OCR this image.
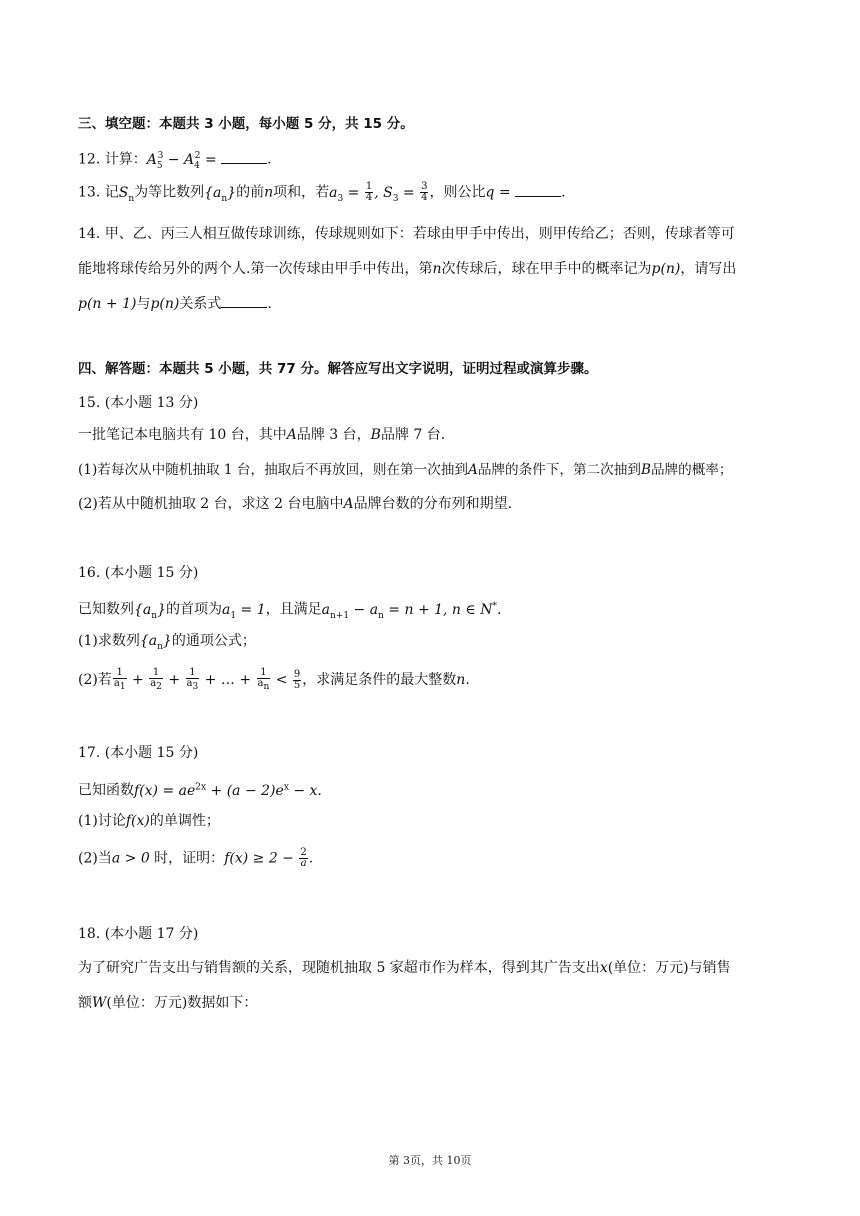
三、填空题：本题共 3 小题，每小题 5 分，共 15 分。
12. 计算：$A_5^3 - A_4^2$ =	.
13. 记$S_n$为等比数列$\{a_n\}$的前n项和，若$a_3 = \frac{1}{4}$ , $S_3 = \frac{3}{4}$ ，则公比q =	.
14. 甲、乙、丙三人相互做传球训练，传球规则如下：若球由甲手中传出，则甲传给乙；否则，传球者等可
能地将球传给另外的两个人.第一次传球由甲手中传出，第n次传球后，球在甲手中的概率记为p(n)，请写出
p(n + 1)与p(n)关系式	.
四、解答题：本题共 5 小题，共 77 分。解答应写出文字说明，证明过程或演算步骤。
15. (本小题 13 分)
一批笔记本电脑共有 10 台，其中A品牌 3 台，B品牌 7 台.
(1)若每次从中随机抽取 1 台，抽取后不再放回，则在第一次抽到A品牌的条件下，第二次抽到B品牌的概率；
(2)若从中随机抽取 2 台，求这 2 台电脑中A品牌台数的分布列和期望.
16. (本小题 15 分)
已知数列$\{a_n\}$的首项为$a_1 = 1$，且满足$a_{n+1} - a_n = n + 1$, n ∈ N*.
(1)求数列$\{a_n\}$的通项公式；
(2)若 $\frac{1}{a_1} + \frac{1}{a_2} + \frac{1}{a_3}$ + … + $\frac{1}{a_n} < \frac{9}{5}$ ，求满足条件的最大整数n.
17. (本小题 15 分)
已知函数$f(x) = ae^{2x} + (a - 2)e^x - x$.
(1)讨论f(x)的单调性；
(2)当a > 0 时，证明：$f(x) \ge 2 - \frac{2}{a}$ .
18. (本小题 17 分)
为了研究广告支出与销售额的关系，现随机抽取 5 家超市作为样本，得到其广告支出x(单位：万元)与销售
额W(单位：万元)数据如下：
第 3页，共 10页
